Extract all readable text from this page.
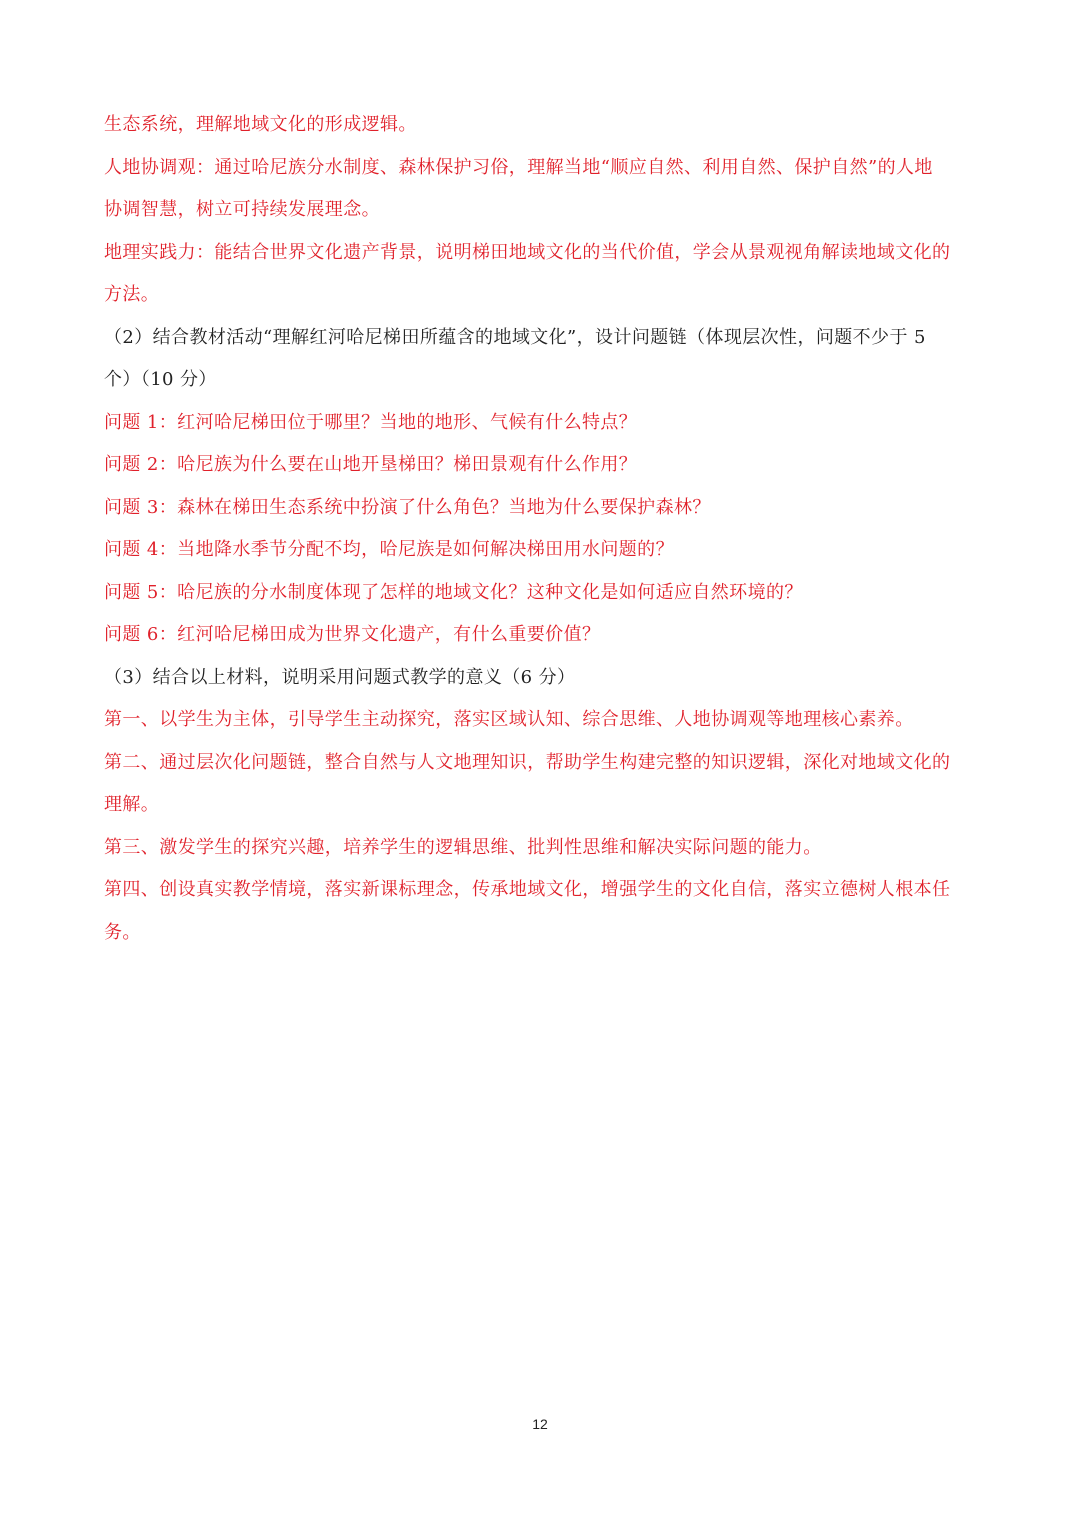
生态系统，理解地域文化的形成逻辑。

人地协调观：通过哈尼族分水制度、森林保护习俗，理解当地“顺应自然、利用自然、保护自然”的人地

协调智慧，树立可持续发展理念。

地理实践力：能结合世界文化遗产背景，说明梯田地域文化的当代价值，学会从景观视角解读地域文化的

方法。

（2）结合教材活动“理解红河哈尼梯田所蕴含的地域文化”，设计问题链（体现层次性，问题不少于 5

个）（10 分）

问题 1：红河哈尼梯田位于哪里？当地的地形、气候有什么特点？

问题 2：哈尼族为什么要在山地开垦梯田？梯田景观有什么作用？

问题 3：森林在梯田生态系统中扮演了什么角色？当地为什么要保护森林？

问题 4：当地降水季节分配不均，哈尼族是如何解决梯田用水问题的？

问题 5：哈尼族的分水制度体现了怎样的地域文化？这种文化是如何适应自然环境的？

问题 6：红河哈尼梯田成为世界文化遗产，有什么重要价值？

（3）结合以上材料，说明采用问题式教学的意义（6 分）

第一、以学生为主体，引导学生主动探究，落实区域认知、综合思维、人地协调观等地理核心素养。

第二、通过层次化问题链，整合自然与人文地理知识，帮助学生构建完整的知识逻辑，深化对地域文化的

理解。

第三、激发学生的探究兴趣，培养学生的逻辑思维、批判性思维和解决实际问题的能力。

第四、创设真实教学情境，落实新课标理念，传承地域文化，增强学生的文化自信，落实立德树人根本任

务。

12
